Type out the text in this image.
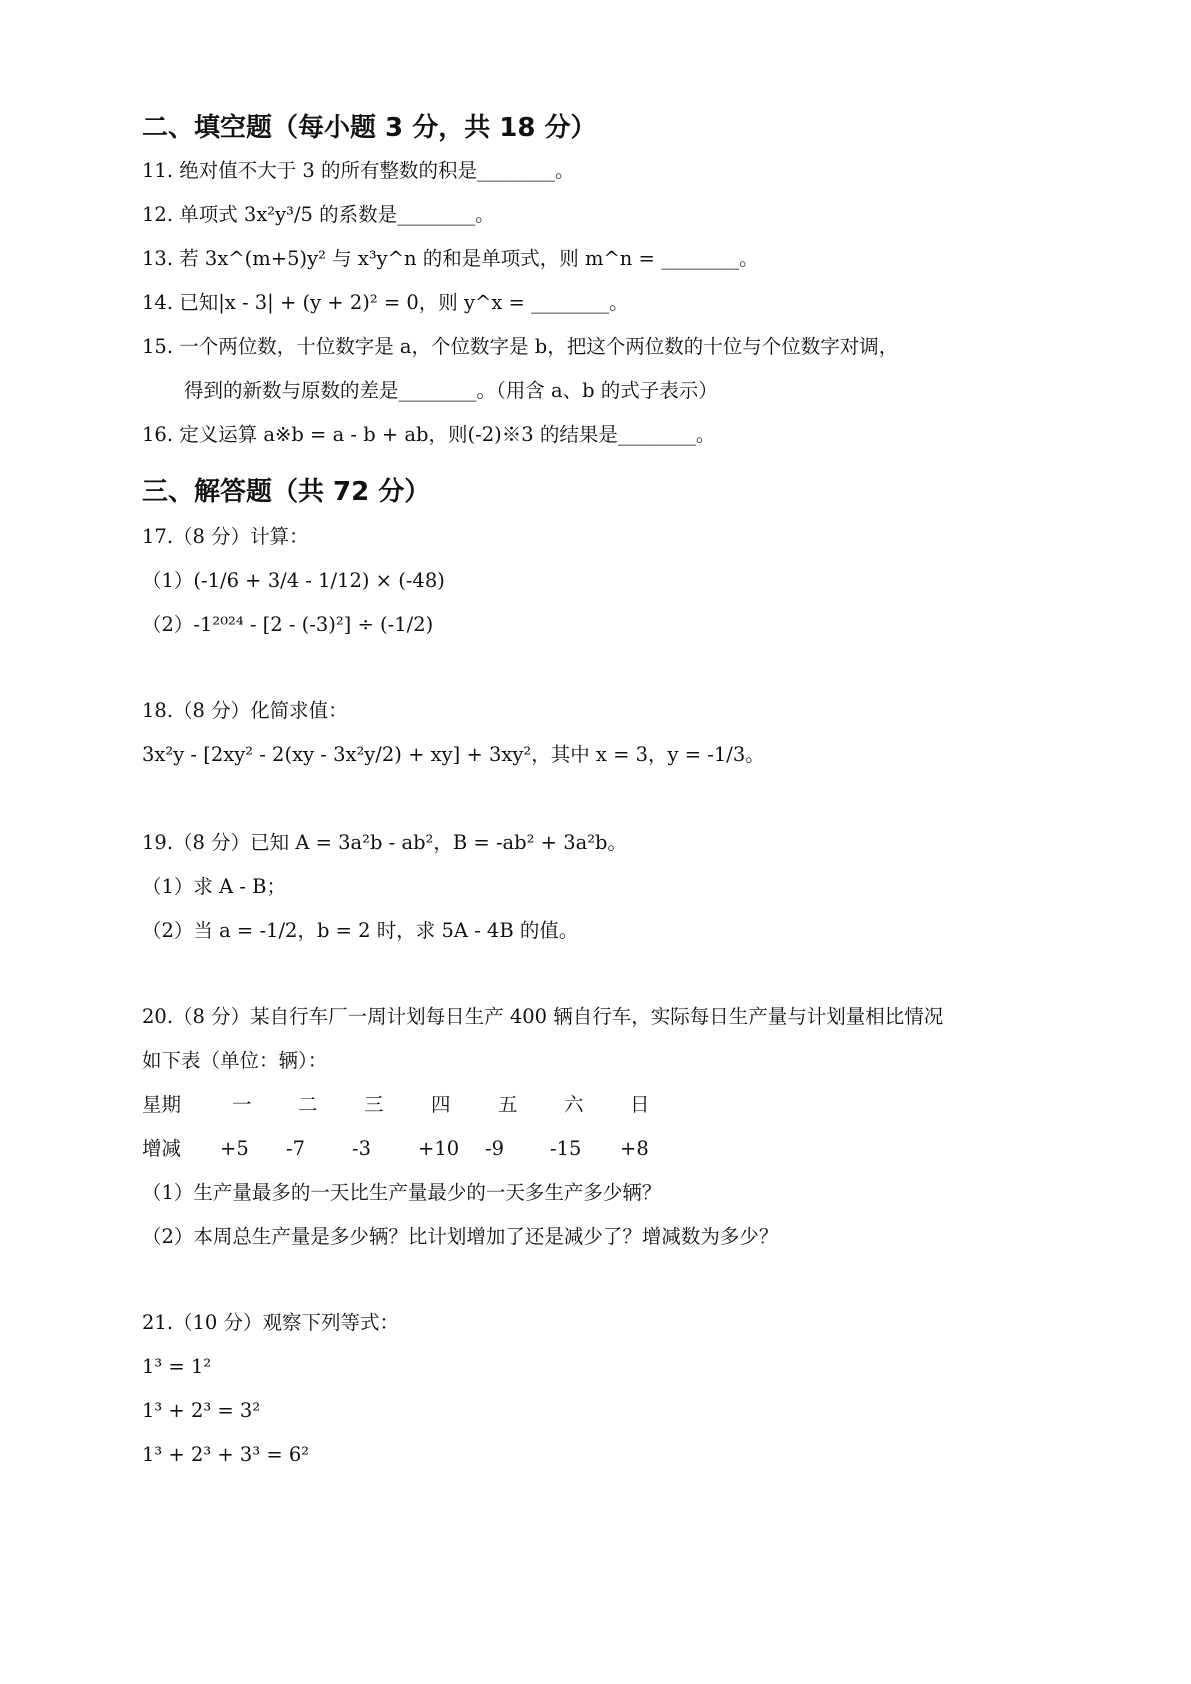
二、填空题（每小题 3 分，共 18 分）
11. 绝对值不大于 3 的所有整数的积是________。
12. 单项式 3x²y³/5 的系数是________。
13. 若 3x^(m+5)y² 与 x³y^n 的和是单项式，则 m^n = ________。
14. 已知|x - 3| + (y + 2)² = 0，则 y^x = ________。
15. 一个两位数，十位数字是 a，个位数字是 b，把这个两位数的十位与个位数字对调，
得到的新数与原数的差是________。（用含 a、b 的式子表示）
16. 定义运算 a※b = a - b + ab，则(-2)※3 的结果是________。
三、解答题（共 72 分）
17.（8 分）计算：
（1）(-1/6 + 3/4 - 1/12) × (-48)
（2）-1²⁰²⁴ - [2 - (-3)²] ÷ (-1/2)
18.（8 分）化简求值：
3x²y - [2xy² - 2(xy - 3x²y/2) + xy] + 3xy²，其中 x = 3，y = -1/3。
19.（8 分）已知 A = 3a²b - ab²，B = -ab² + 3a²b。
（1）求 A - B；
（2）当 a = -1/2，b = 2 时，求 5A - 4B 的值。
20.（8 分）某自行车厂一周计划每日生产 400 辆自行车，实际每日生产量与计划量相比情况
如下表（单位：辆）：
星期	一 二 三 四 五 六 日
增减 +5 -7 -3 +10 -9 -15 +8
（1）生产量最多的一天比生产量最少的一天多生产多少辆？
（2）本周总生产量是多少辆？比计划增加了还是减少了？增减数为多少？
21.（10 分）观察下列等式：
1³ = 1²
1³ + 2³ = 3²
1³ + 2³ + 3³ = 6²
